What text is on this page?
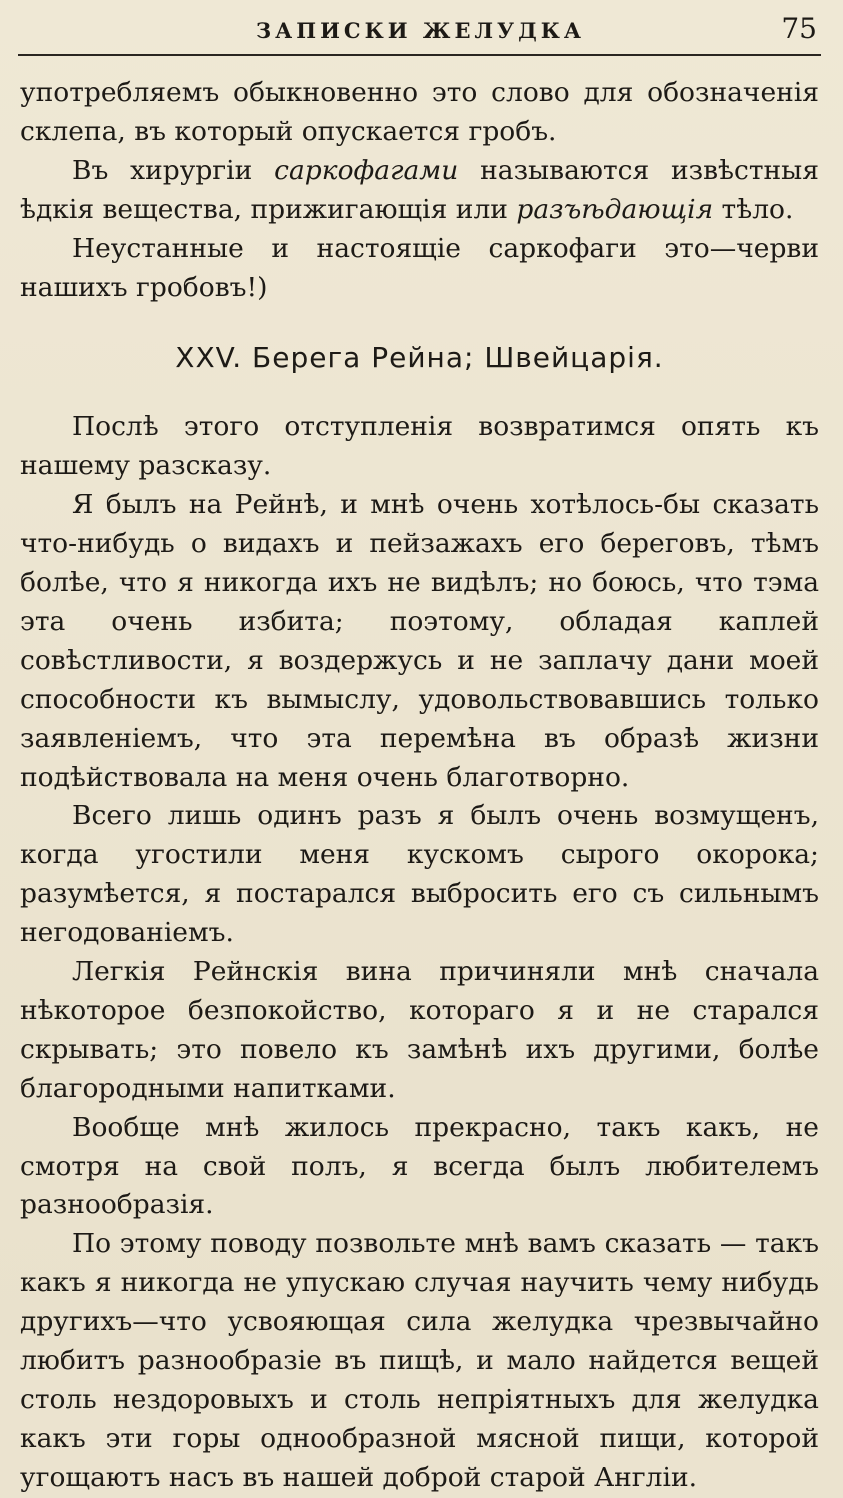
ЗАПИСКИ ЖЕЛУДКА	75

употребляемъ обыкновенно это слово для обозначенія склепа, въ который опускается гробъ.

Въ хирургіи саркофагами называются извѣстныя ѣдкія вещества, прижигающія или разъѣдающія тѣло.

Неустанные и настоящіе саркофаги это—черви нашихъ гробовъ!)

XXV. Берега Рейна; Швейцарія.

Послѣ этого отступленія возвратимся опять къ нашему разсказу.

Я былъ на Рейнѣ, и мнѣ очень хотѣлось-бы сказать что-нибудь о видахъ и пейзажахъ его береговъ, тѣмъ болѣе, что я никогда ихъ не видѣлъ; но боюсь, что тэма эта очень избита; поэтому, обладая каплей совѣстливости, я воздержусь и не заплачу дани моей способности къ вымыслу, удовольствовавшись только заявленіемъ, что эта перемѣна въ образѣ жизни подѣйствовала на меня очень благотворно.

Всего лишь одинъ разъ я былъ очень возмущенъ, когда угостили меня кускомъ сырого окорока; разумѣется, я постарался выбросить его съ сильнымъ негодованіемъ.

Легкія Рейнскія вина причиняли мнѣ сначала нѣкоторое безпокойство, котораго я и не старался скрывать; это повело къ замѣнѣ ихъ другими, болѣе благородными напитками.

Вообще мнѣ жилось прекрасно, такъ какъ, не смотря на свой полъ, я всегда былъ любителемъ разнообразія.

По этому поводу позвольте мнѣ вамъ сказать — такъ какъ я никогда не упускаю случая научить чему нибудь другихъ—что усвояющая сила желудка чрезвычайно любитъ разнообразіе въ пищѣ, и мало найдется вещей столь нездоровыхъ и столь непріятныхъ для желудка какъ эти горы однообразной мясной пищи, которой угощаютъ насъ въ нашей доброй старой Англіи.
